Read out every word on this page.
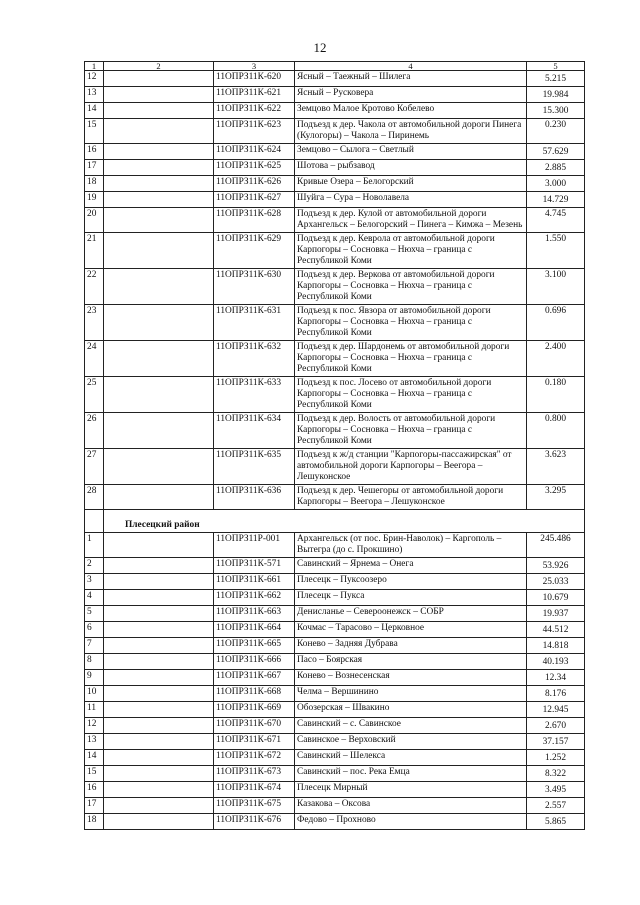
12
1	2	3	4	5
12		11ОПРЗ11К-620	Ясный – Таежный – Шилега	5.215

13		11ОПРЗ11К-621	Ясный – Русковера	19.984

14		11ОПРЗ11К-622	Земцово Малое Кротово Кобелево	15.300

15		11ОПРЗ11К-623	Подъезд к дер. Чакола от автомобильной дороги Пинега (Кулогоры) – Чакола – Пиринемь	0.230

16		11ОПРЗ11К-624	Земцово – Сылога – Светлый	57.629

17		11ОПРЗ11К-625	Шотова – рыбзавод	2.885

18		11ОПРЗ11К-626	Кривые Озера – Белогорский	3.000

19		11ОПРЗ11К-627	Шуйга – Сура – Новолавела	14.729

20		11ОПРЗ11К-628	Подъезд к дер. Кулой от автомобильной дороги Архангельск – Белогорский – Пинега – Кимжа – Мезень	4.745

21		11ОПРЗ11К-629	Подъезд к дер. Кеврола от автомобильной дороги Карпогоры – Сосновка – Нюхча – граница с Республикой Коми	1.550

22		11ОПРЗ11К-630	Подъезд к дер. Веркова от автомобильной дороги Карпогоры – Сосновка – Нюхча – граница с Республикой Коми	3.100

23		11ОПРЗ11К-631	Подъезд к пос. Явзора от автомобильной дороги Карпогоры – Сосновка – Нюхча – граница с Республикой Коми	0.696

24		11ОПРЗ11К-632	Подъезд к дер. Шардонемь от автомобильной дороги Карпогоры – Сосновка – Нюхча – граница с Республикой Коми	2.400

25		11ОПРЗ11К-633	Подъезд к пос. Лосево от автомобильной дороги Карпогоры – Сосновка – Нюхча – граница с Республикой Коми	0.180

26		11ОПРЗ11К-634	Подъезд к дер. Волость от автомобильной дороги Карпогоры – Сосновка – Нюхча – граница с Республикой Коми	0.800

27		11ОПРЗ11К-635	Подъезд к ж/д станции "Карпогоры-пассажирская" от автомобильной дороги Карпогоры – Веегора – Лешуконское	3.623

28		11ОПРЗ11К-636	Подъезд к дер. Чешегоры от автомобильной дороги Карпогоры – Веегора – Лешуконское	3.295

	Плесецкий район			
1		11ОПРЗ11Р-001	Архангельск (от пос. Брин-Наволок) – Каргополь – Вытегра (до с. Прокшино)	245.486

2		11ОПРЗ11К-571	Савинский – Ярнема – Онега	53.926

3		11ОПРЗ11К-661	Плесецк – Пуксоозеро	25.033

4		11ОПРЗ11К-662	Плесецк – Пукса	10.679

5		11ОПРЗ11К-663	Денисланье – Североонежск – СОБР	19.937

6		11ОПРЗ11К-664	Кочмас – Тарасово – Церковное	44.512

7		11ОПРЗ11К-665	Конево – Задняя Дубрава	14.818

8		11ОПРЗ11К-666	Пасо – Боярская	40.193

9		11ОПРЗ11К-667	Конево – Вознесенская	12.34

10		11ОПРЗ11К-668	Челма – Вершинино	8.176

11		11ОПРЗ11К-669	Обозерская – Швакино	12.945

12		11ОПРЗ11К-670	Савинский – с. Савинское	2.670

13		11ОПРЗ11К-671	Савинское – Верховский	37.157

14		11ОПРЗ11К-672	Савинский – Шелекса	1.252

15		11ОПРЗ11К-673	Савинский – пос. Река Емца	8.322

16		11ОПРЗ11К-674	Плесецк Мирный	3.495

17		11ОПРЗ11К-675	Казакова – Оксова	2.557

18		11ОПРЗ11К-676	Федово – Прохново	5.865
